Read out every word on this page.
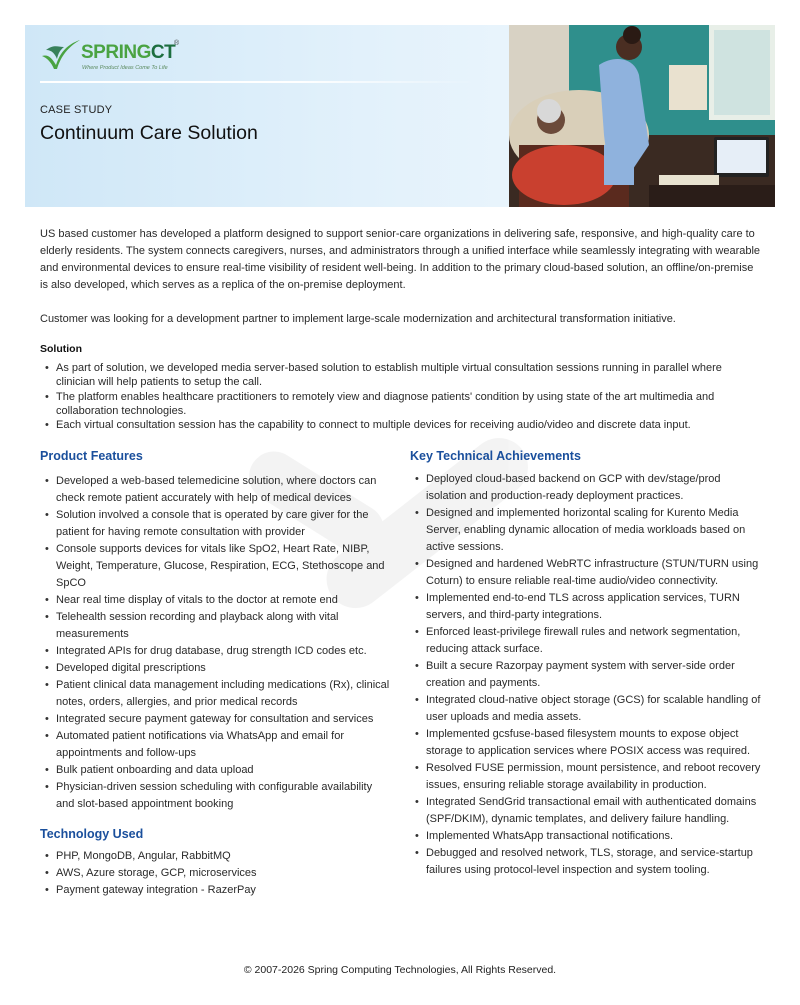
SPRINGCT
®
Where Product Ideas Come To Life
CASE STUDY
Continuum Care Solution

US based customer has developed a platform designed to support senior-care organizations in delivering safe, responsive, and high-quality care to elderly residents. The system connects caregivers, nurses, and administrators through a unified interface while seamlessly integrating with wearable and environmental devices to ensure real-time visibility of resident well-being. In addition to the primary cloud-based solution, an offline/on-premise is also developed, which serves as a replica of the on-premise deployment.

Customer was looking for a development partner to implement large-scale modernization and architectural transformation initiative.

Solution
• As part of solution, we developed media server-based solution to establish multiple virtual consultation sessions running in parallel where clinician will help patients to setup the call.
• The platform enables healthcare practitioners to remotely view and diagnose patients' condition by using state of the art multimedia and collaboration technologies.
• Each virtual consultation session has the capability to connect to multiple devices for receiving audio/video and discrete data input.
Product Features
• Developed a web-based telemedicine solution, where doctors can check remote patient accurately with help of medical devices
• Solution involved a console that is operated by care giver for the patient for having remote consultation with provider
• Console supports devices for vitals like SpO2, Heart Rate, NIBP, Weight, Temperature, Glucose, Respiration, ECG, Stethoscope and SpCO
• Near real time display of vitals to the doctor at remote end
• Telehealth session recording and playback along with vital measurements
• Integrated APIs for drug database, drug strength ICD codes etc.
• Developed digital prescriptions
• Patient clinical data management including medications (Rx), clinical notes, orders, allergies, and prior medical records
• Integrated secure payment gateway for consultation and services
• Automated patient notifications via WhatsApp and email for appointments and follow-ups
• Bulk patient onboarding and data upload
• Physician-driven session scheduling with configurable availability and slot-based appointment booking
Technology Used
• PHP, MongoDB, Angular, RabbitMQ
• AWS, Azure storage, GCP, microservices
• Payment gateway integration - RazerPay
Key Technical Achievements
• Deployed cloud-based backend on GCP with dev/stage/prod isolation and production-ready deployment practices.
• Designed and implemented horizontal scaling for Kurento Media Server, enabling dynamic allocation of media workloads based on active sessions.
• Designed and hardened WebRTC infrastructure (STUN/TURN using Coturn) to ensure reliable real-time audio/video connectivity.
• Implemented end-to-end TLS across application services, TURN servers, and third-party integrations.
• Enforced least-privilege firewall rules and network segmentation, reducing attack surface.
• Built a secure Razorpay payment system with server-side order creation and payments.
• Integrated cloud-native object storage (GCS) for scalable handling of user uploads and media assets.
• Implemented gcsfuse-based filesystem mounts to expose object storage to application services where POSIX access was required.
• Resolved FUSE permission, mount persistence, and reboot recovery issues, ensuring reliable storage availability in production.
• Integrated SendGrid transactional email with authenticated domains (SPF/DKIM), dynamic templates, and delivery failure handling.
• Implemented WhatsApp transactional notifications.
• Debugged and resolved network, TLS, storage, and service-startup failures using protocol-level inspection and system tooling.
© 2007-2026 Spring Computing Technologies, All Rights Reserved.
